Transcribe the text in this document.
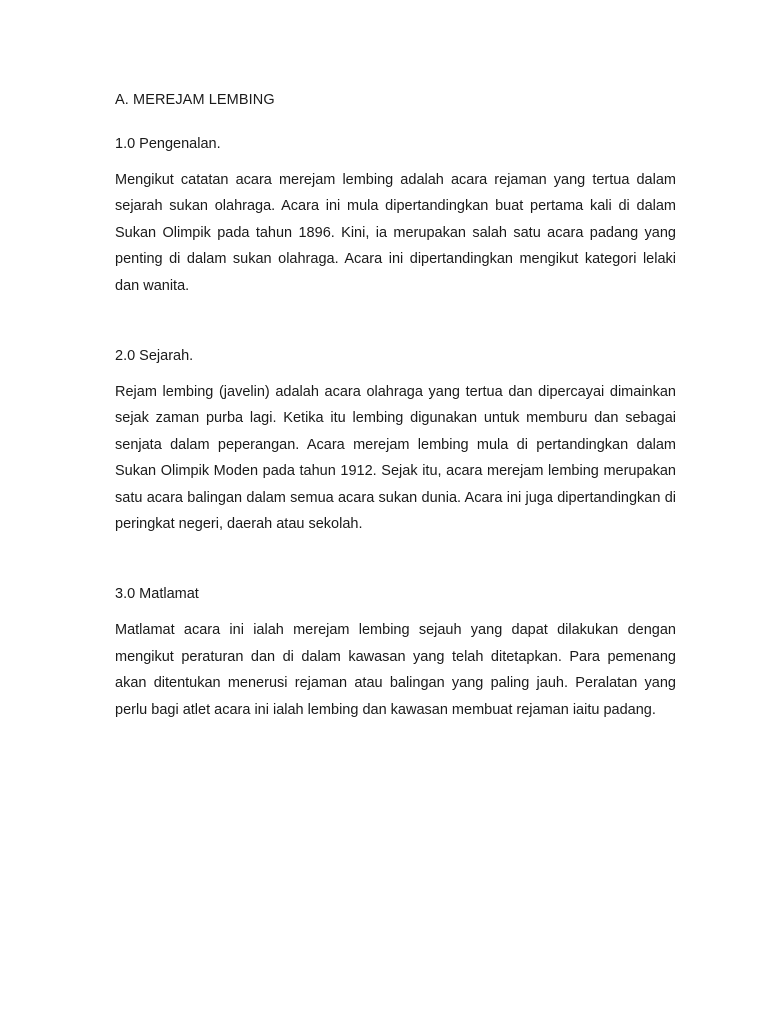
A. MEREJAM LEMBING
1.0 Pengenalan.

Mengikut catatan acara merejam lembing adalah acara rejaman yang tertua dalam sejarah sukan olahraga. Acara ini mula dipertandingkan buat pertama kali di dalam Sukan Olimpik pada tahun 1896. Kini, ia merupakan salah satu acara padang yang penting di dalam sukan olahraga. Acara ini dipertandingkan mengikut kategori lelaki dan wanita.

2.0 Sejarah.

Rejam lembing (javelin) adalah acara olahraga yang tertua dan dipercayai dimainkan sejak zaman purba lagi. Ketika itu lembing digunakan untuk memburu dan sebagai senjata dalam peperangan. Acara merejam lembing mula di pertandingkan dalam Sukan Olimpik Moden pada tahun 1912. Sejak itu, acara merejam lembing merupakan satu acara balingan dalam semua acara sukan dunia. Acara ini juga dipertandingkan di peringkat negeri, daerah atau sekolah.

3.0 Matlamat

Matlamat acara ini ialah merejam lembing sejauh yang dapat dilakukan dengan mengikut peraturan dan di dalam kawasan yang telah ditetapkan. Para pemenang akan ditentukan menerusi rejaman atau balingan yang paling jauh. Peralatan yang perlu bagi atlet acara ini ialah lembing dan kawasan membuat rejaman iaitu padang.
